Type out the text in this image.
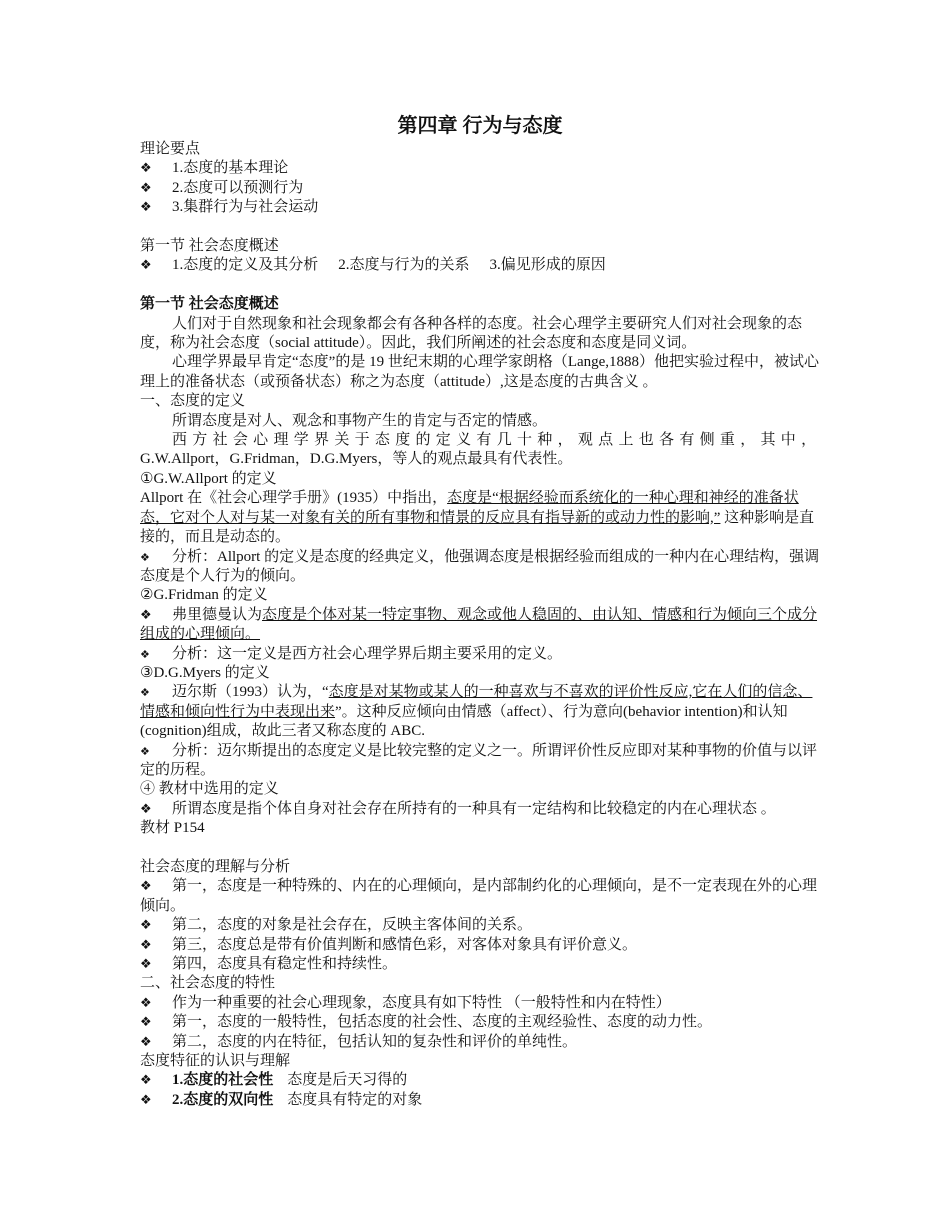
第四章 行为与态度
理论要点
❖ 1.态度的基本理论
❖ 2.态度可以预测行为
❖ 3.集群行为与社会运动
第一节 社会态度概述
❖ 1.态度的定义及其分析 2.态度与行为的关系 3.偏见形成的原因
第一节 社会态度概述
人们对于自然现象和社会现象都会有各种各样的态度。社会心理学主要研究人们对社会现象的态度，称为社会态度（social attitude）。因此，我们所阐述的社会态度和态度是同义词。
心理学界最早肯定“态度”的是 19 世纪末期的心理学家朗格（Lange,1888）他把实验过程中，被试心理上的准备状态（或预备状态）称之为态度（attitude）,这是态度的古典含义 。
一、态度的定义
所谓态度是对人、观念和事物产生的肯定与否定的情感。
西方社会心理学界关于态度的定义有几十种，观点上也各有侧重，其中，
G.W.Allport，G.Fridman，D.G.Myers，等人的观点最具有代表性。
①G.W.Allport 的定义
Allport 在《社会心理学手册》(1935）中指出，态度是“根据经验而系统化的一种心理和神经的准备状态，它对个人对与某一对象有关的所有事物和情景的反应具有指导新的或动力性的影响,” 这种影响是直接的，而且是动态的。
❖ 分析：Allport 的定义是态度的经典定义，他强调态度是根据经验而组成的一种内在心理结构，强调态度是个人行为的倾向。
②G.Fridman 的定义
❖ 弗里德曼认为态度是个体对某一特定事物、观念或他人稳固的、由认知、情感和行为倾向三个成分组成的心理倾向。
❖ 分析：这一定义是西方社会心理学界后期主要采用的定义。
③D.G.Myers 的定义
❖ 迈尔斯（1993）认为，“态度是对某物或某人的一种喜欢与不喜欢的评价性反应,它在人们的信念、情感和倾向性行为中表现出来”。这种反应倾向由情感（affect）、行为意向(behavior intention)和认知(cognition)组成，故此三者又称态度的 ABC.
❖ 分析：迈尔斯提出的态度定义是比较完整的定义之一。所谓评价性反应即对某种事物的价值与以评定的历程。
④ 教材中选用的定义
❖ 所谓态度是指个体自身对社会存在所持有的一种具有一定结构和比较稳定的内在心理状态 。
教材 P154
社会态度的理解与分析
❖ 第一，态度是一种特殊的、内在的心理倾向，是内部制约化的心理倾向，是不一定表现在外的心理倾向。
❖ 第二，态度的对象是社会存在，反映主客体间的关系。
❖ 第三，态度总是带有价值判断和感情色彩，对客体对象具有评价意义。
❖ 第四，态度具有稳定性和持续性。
二、社会态度的特性
❖ 作为一种重要的社会心理现象，态度具有如下特性 （一般特性和内在特性）
❖ 第一，态度的一般特性，包括态度的社会性、态度的主观经验性、态度的动力性。
❖ 第二，态度的内在特征，包括认知的复杂性和评价的单纯性。
态度特征的认识与理解
❖ 1.态度的社会性 态度是后天习得的
❖ 2.态度的双向性 态度具有特定的对象
